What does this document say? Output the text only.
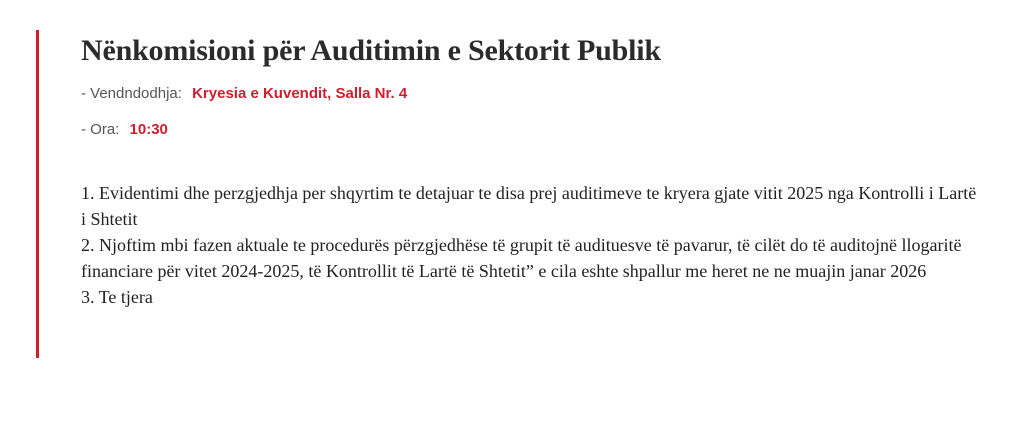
Nënkomisioni për Auditimin e Sektorit Publik
- Vendndodhja: Kryesia e Kuvendit, Salla Nr. 4
- Ora: 10:30
1. Evidentimi dhe perzgjedhja per shqyrtim te detajuar te disa prej auditimeve te kryera gjate vitit 2025 nga Kontrolli i Lartë i Shtetit
2. Njoftim mbi fazen aktuale te procedurës përzgjedhëse të grupit të audituesve të pavarur, të cilët do të auditojnë llogaritë financiare për vitet 2024-2025, të Kontrollit të Lartë të Shtetit” e cila eshte shpallur me heret ne ne muajin janar 2026
3. Te tjera
